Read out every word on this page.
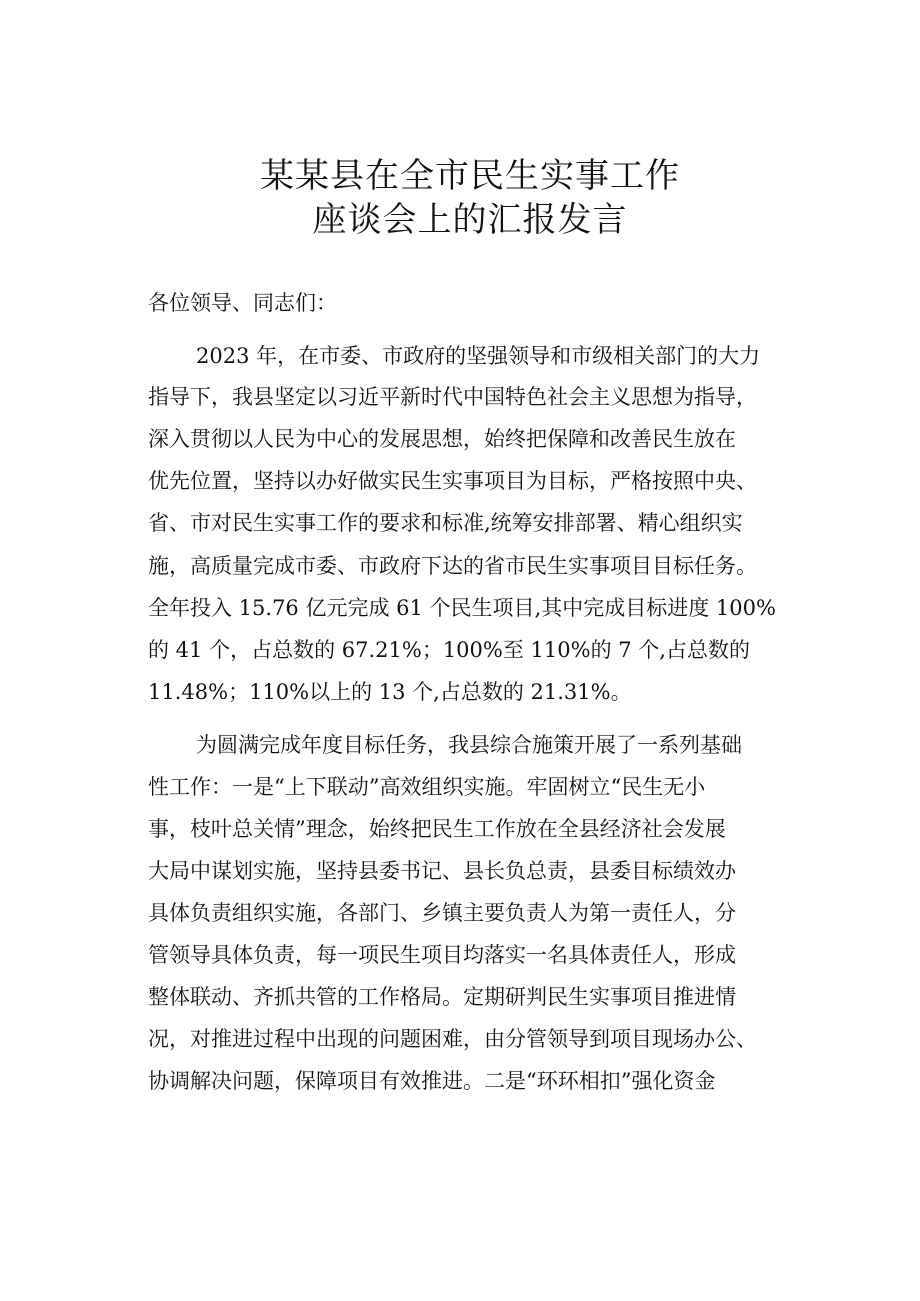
某某县在全市民生实事工作
座谈会上的汇报发言
各位领导、同志们：
2023 年，在市委、市政府的坚强领导和市级相关部门的大力
指导下，我县坚定以习近平新时代中国特色社会主义思想为指导，
深入贯彻以人民为中心的发展思想，始终把保障和改善民生放在
优先位置，坚持以办好做实民生实事项目为目标，严格按照中央、
省、市对民生实事工作的要求和标准,统筹安排部署、精心组织实
施，高质量完成市委、市政府下达的省市民生实事项目目标任务。
全年投入 15.76 亿元完成 61 个民生项目,其中完成目标进度 100%
的 41 个，占总数的 67.21%；100%至 110%的 7 个,占总数的
11.48%；110%以上的 13 个,占总数的 21.31%。
为圆满完成年度目标任务，我县综合施策开展了一系列基础
性工作：一是“上下联动”高效组织实施。牢固树立“民生无小
事，枝叶总关情”理念，始终把民生工作放在全县经济社会发展
大局中谋划实施，坚持县委书记、县长负总责，县委目标绩效办
具体负责组织实施，各部门、乡镇主要负责人为第一责任人，分
管领导具体负责，每一项民生项目均落实一名具体责任人，形成
整体联动、齐抓共管的工作格局。定期研判民生实事项目推进情
况，对推进过程中出现的问题困难，由分管领导到项目现场办公、
协调解决问题，保障项目有效推进。二是“环环相扣”强化资金
